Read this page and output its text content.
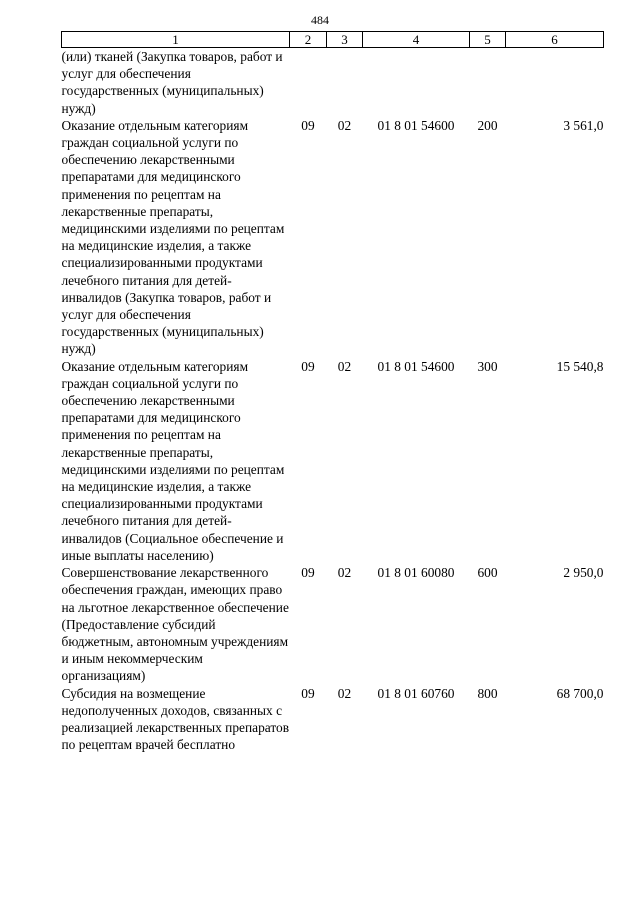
484
1	2	3	4	5	6
(или) тканей (Закупка товаров, работ и услуг для обеспечения государственных (муниципальных) нужд)					
Оказание отдельным категориям граждан социальной услуги по обеспечению лекарственными препаратами для медицинского применения по рецептам на лекарственные препараты, медицинскими изделиями по рецептам на медицинские изделия, а также специализированными продуктами лечебного питания для детей-инвалидов (Закупка товаров, работ и услуг для обеспечения государственных (муниципальных) нужд)	09	02	01 8 01 54600	200	3 561,0
Оказание отдельным категориям граждан социальной услуги по обеспечению лекарственными препаратами для медицинского применения по рецептам на лекарственные препараты, медицинскими изделиями по рецептам на медицинские изделия, а также специализированными продуктами лечебного питания для детей-инвалидов (Социальное обеспечение и иные выплаты населению)	09	02	01 8 01 54600	300	15 540,8
Совершенствование лекарственного обеспечения граждан, имеющих право на льготное лекарственное обеспечение (Предоставление субсидий бюджетным, автономным учреждениям и иным некоммерческим организациям)	09	02	01 8 01 60080	600	2 950,0
Субсидия на возмещение недополученных доходов, связанных с реализацией лекарственных препаратов по рецептам врачей бесплатно	09	02	01 8 01 60760	800	68 700,0
